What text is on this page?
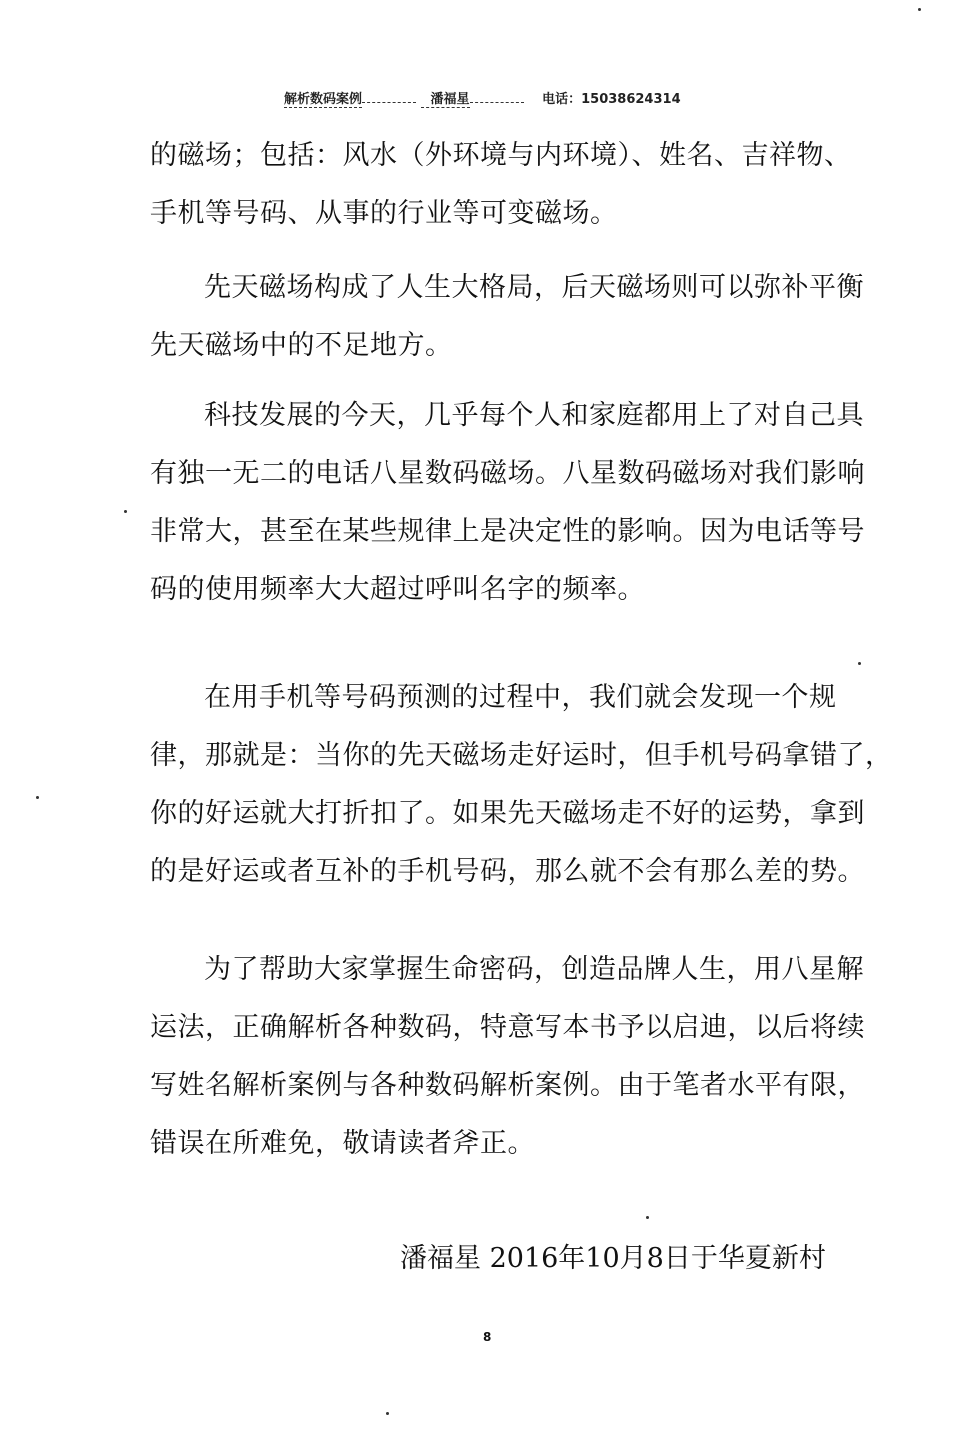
解析数码案例	潘福星	电话：15038624314
的磁场；包括：风水（外环境与内环境）、姓名、吉祥物、
手机等号码、从事的行业等可变磁场。
先天磁场构成了人生大格局，后天磁场则可以弥补平衡
先天磁场中的不足地方。
科技发展的今天，几乎每个人和家庭都用上了对自己具
有独一无二的电话八星数码磁场。八星数码磁场对我们影响
非常大，甚至在某些规律上是决定性的影响。因为电话等号
码的使用频率大大超过呼叫名字的频率。
在用手机等号码预测的过程中，我们就会发现一个规
律，那就是：当你的先天磁场走好运时，但手机号码拿错了，
你的好运就大打折扣了。如果先天磁场走不好的运势，拿到
的是好运或者互补的手机号码，那么就不会有那么差的势。
为了帮助大家掌握生命密码，创造品牌人生，用八星解
运法，正确解析各种数码，特意写本书予以启迪，以后将续
写姓名解析案例与各种数码解析案例。由于笔者水平有限，
错误在所难免，敬请读者斧正。
潘福星 2016年10月8日于华夏新村
8
